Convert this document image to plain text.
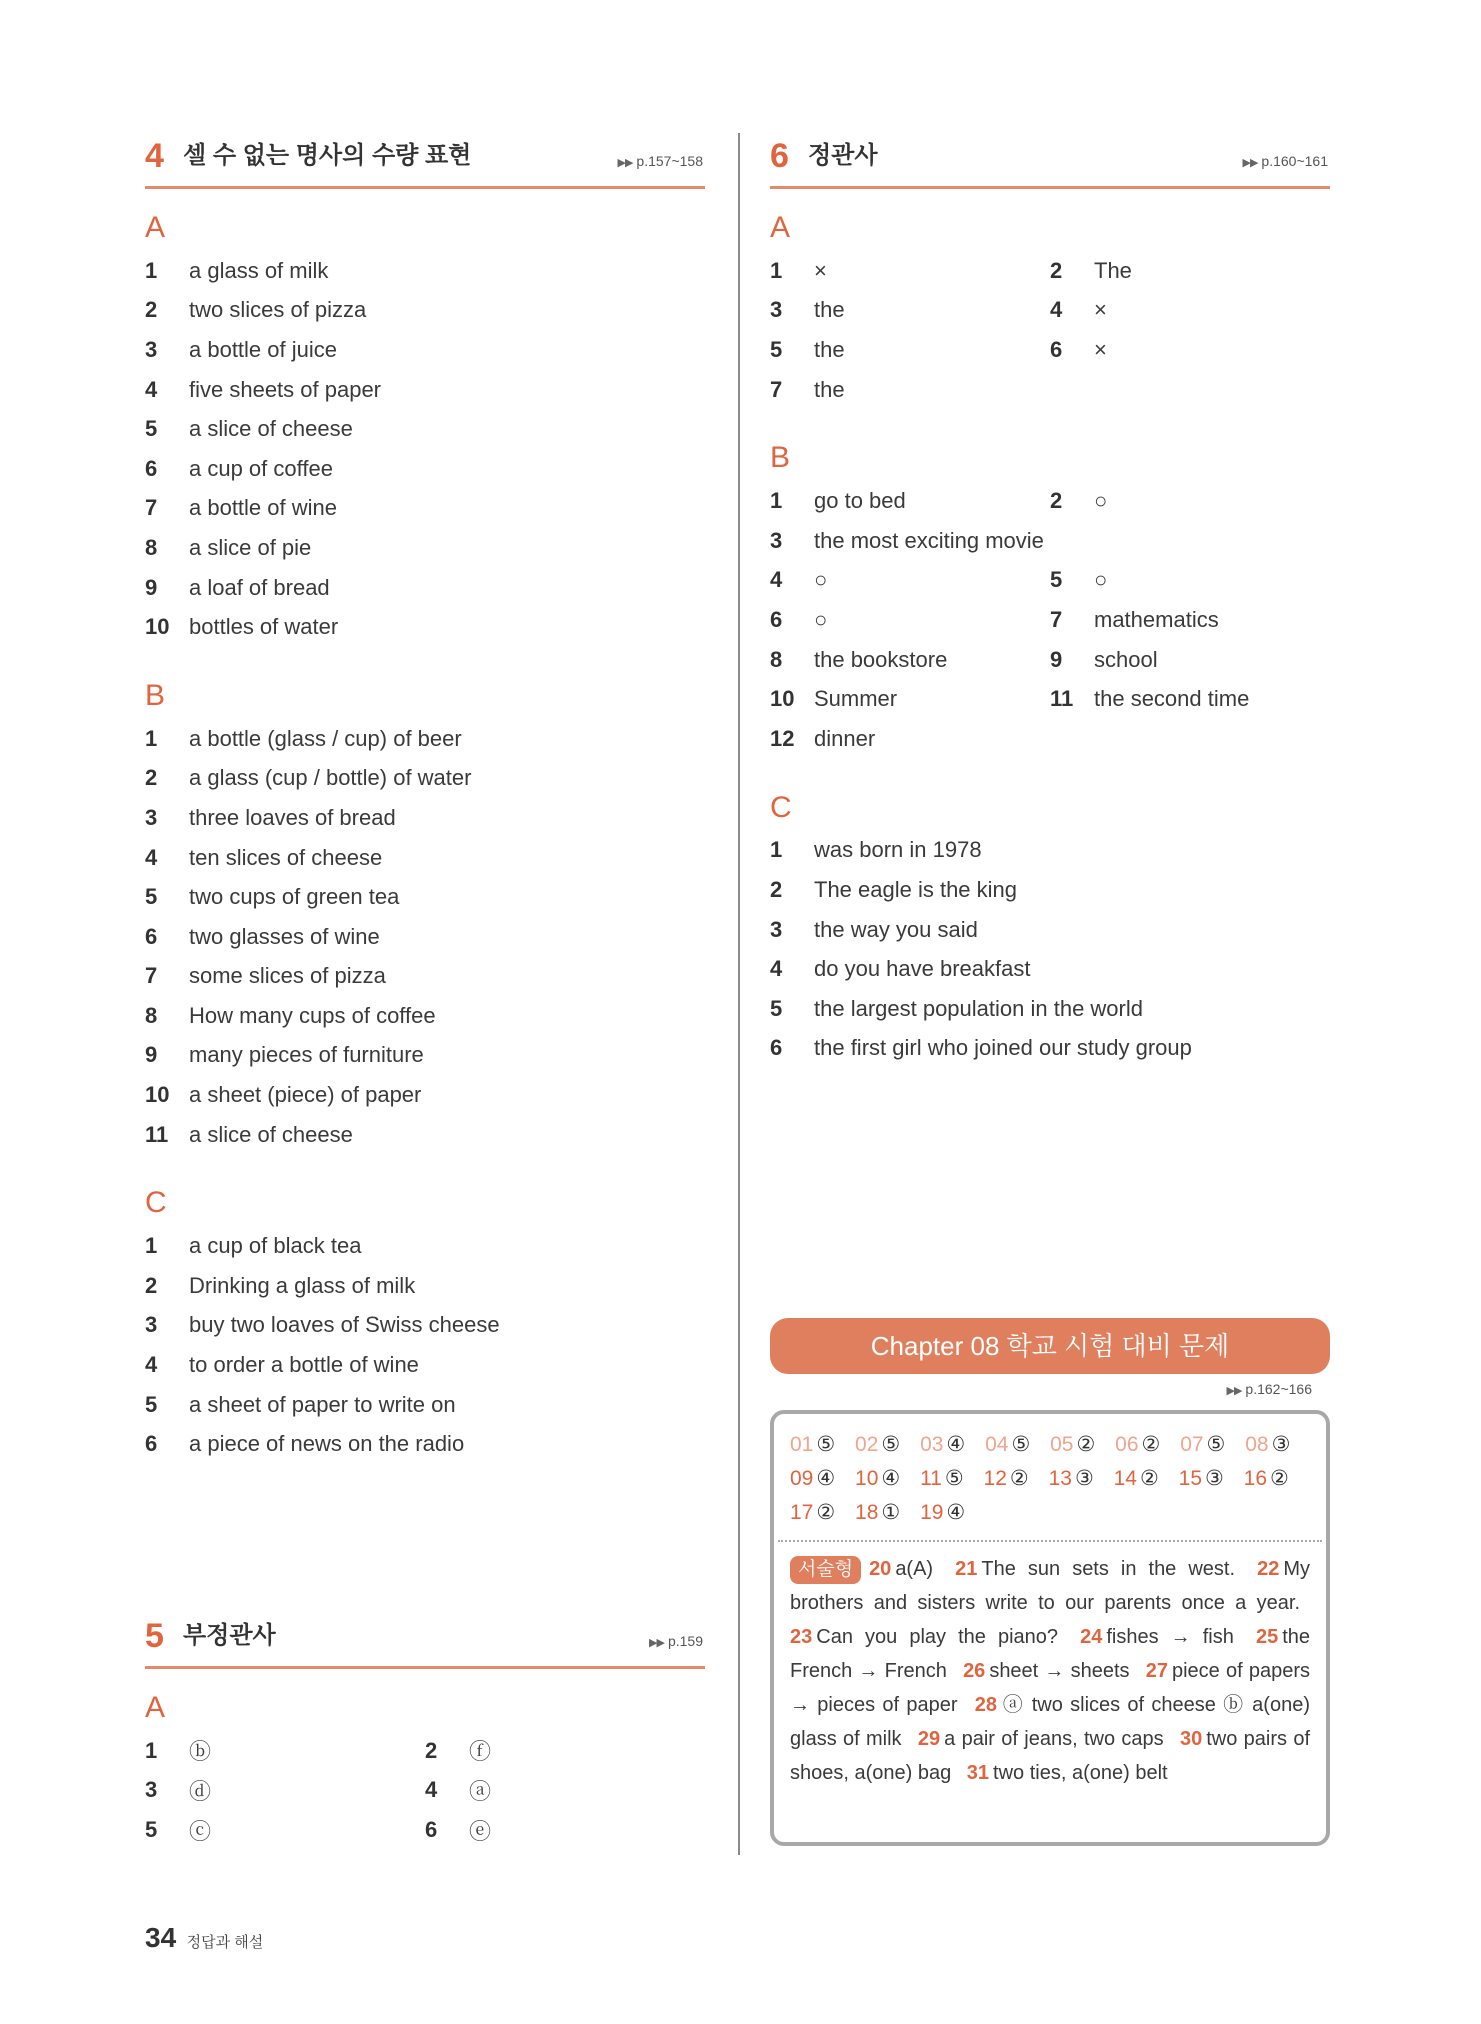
4 셀 수 없는 명사의 수량 표현	▶▶ p.157~158
A
1	a glass of milk
2	two slices of pizza
3	a bottle of juice
4	five sheets of paper
5	a slice of cheese
6	a cup of coffee
7	a bottle of wine
8	a slice of pie
9	a loaf of bread
10 bottles of water
B
1	a bottle (glass / cup) of beer
2	a glass (cup / bottle) of water
3	three loaves of bread
4	ten slices of cheese
5	two cups of green tea
6	two glasses of wine
7	some slices of pizza
8	How many cups of coffee
9	many pieces of furniture
10 a sheet (piece) of paper
11 a slice of cheese
C
1	a cup of black tea
2	Drinking a glass of milk
3	buy two loaves of Swiss cheese
4	to order a bottle of wine
5	a sheet of paper to write on
6	a piece of news on the radio
5 부정관사	▶▶ p.159
A
1	ⓑ	2	ⓕ
3	ⓓ	4	ⓐ
5	ⓒ	6	ⓔ
6 정관사	▶▶ p.160~161
A
1	×	2	The
3	the	4	×
5	the	6	×
7	the
B
1	go to bed	2	○
3	the most exciting movie
4	○	5	○
6	○	7	mathematics
8	the bookstore	9	school
10 Summer	11 the second time
12 dinner
C
1	was born in 1978
2	The eagle is the king
3	the way you said
4	do you have breakfast
5	the largest population in the world
6	the first girl who joined our study group
Chapter 08 학교 시험 대비 문제
▶▶ p.162~166
01 ⑤ 02 ⑤ 03 ④ 04 ⑤ 05 ② 06 ② 07 ⑤ 08 ③ 09 ④ 10 ④ 11 ⑤ 12 ② 13 ③ 14 ② 15 ③ 16 ② 17 ② 18 ① 19 ④
서술형 20 a(A) 21 The sun sets in the west. 22 My brothers and sisters write to our parents once a year. 23 Can you play the piano? 24 fishes → fish 25 the French → French 26 sheet → sheets 27 piece of papers → pieces of paper 28 ⓐ two slices of cheese ⓑ a(one) glass of milk 29 a pair of jeans, two caps 30 two pairs of shoes, a(one) bag 31 two ties, a(one) belt
34 정답과 해설
